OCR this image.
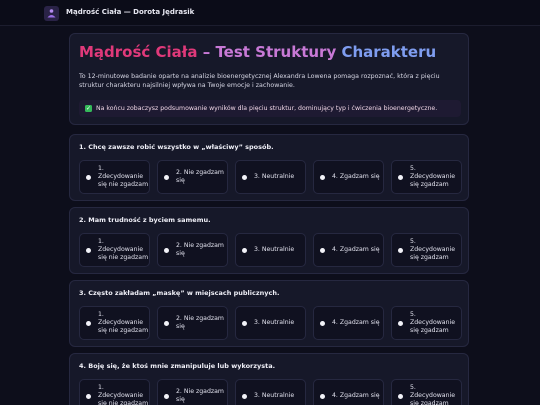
Mądrość Ciała — Dorota Jędrasik
Mądrość Ciała – Test Struktury Charakteru
To 12-minutowe badanie oparte na analizie bioenergetycznej Alexandra Lowena pomaga rozpoznać, która z pięciu struktur charakteru najsilniej wpływa na Twoje emocje i zachowanie.
✓ Na końcu zobaczysz podsumowanie wyników dla pięciu struktur, dominujący typ i ćwiczenia bioenergetyczne.
1. Chcę zawsze robić wszystko w „właściwy” sposób.
1. Zdecydowanie się nie zgadzam
2. Nie zgadzam się
3. Neutralnie	4. Zgadzam się
5. Zdecydowanie się zgadzam
2. Mam trudność z byciem samemu.
1. Zdecydowanie się nie zgadzam
2. Nie zgadzam się
3. Neutralnie	4. Zgadzam się
5. Zdecydowanie się zgadzam
3. Często zakładam „maskę” w miejscach publicznych.
1. Zdecydowanie się nie zgadzam
2. Nie zgadzam się
3. Neutralnie	4. Zgadzam się
5. Zdecydowanie się zgadzam
4. Boję się, że ktoś mnie zmanipuluje lub wykorzysta.
1. Zdecydowanie się nie zgadzam
2. Nie zgadzam się
3. Neutralnie	4. Zgadzam się
5. Zdecydowanie się zgadzam
